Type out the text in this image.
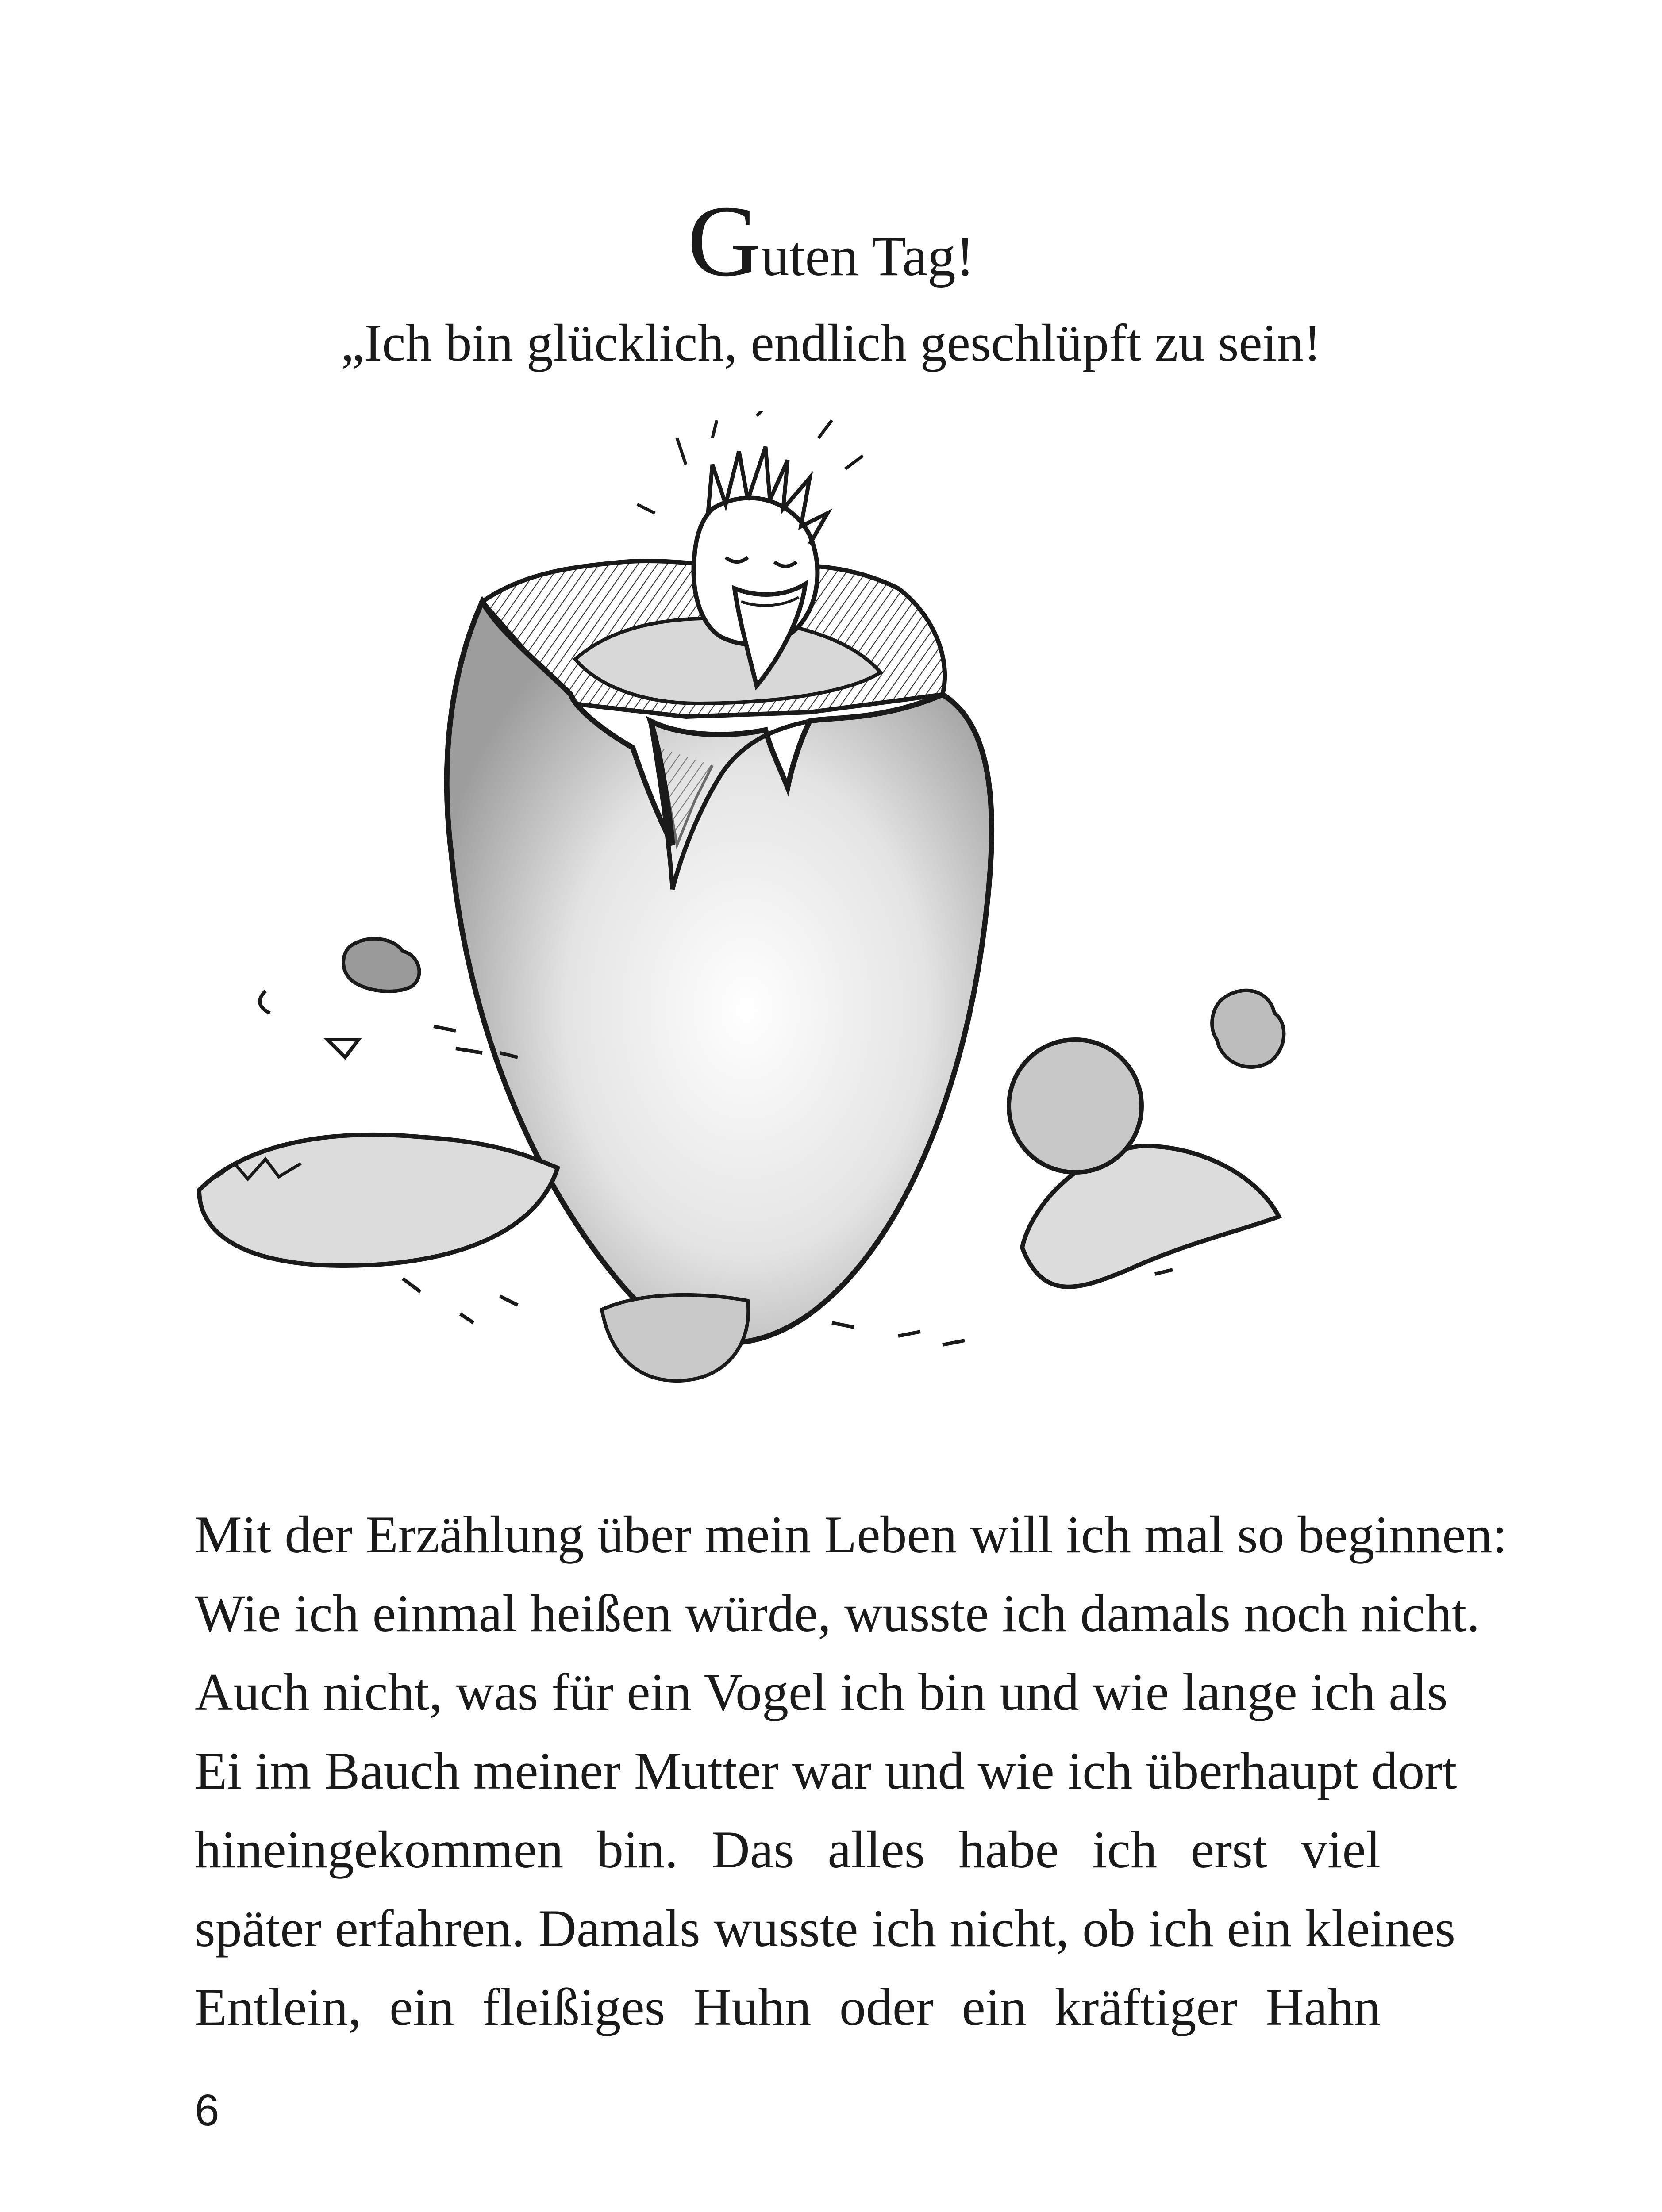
Guten Tag!
„Ich bin glücklich, endlich geschlüpft zu sein!
Mit der Erzählung über mein Leben will ich mal so beginnen:
Wie ich einmal heißen würde, wusste ich damals noch nicht.
Auch nicht, was für ein Vogel ich bin und wie lange ich als
Ei im Bauch meiner Mutter war und wie ich überhaupt dort
hineingekommen bin. Das alles habe ich erst viel
später erfahren. Damals wusste ich nicht, ob ich ein kleines
Entlein, ein fleißiges Huhn oder ein kräftiger Hahn
6
